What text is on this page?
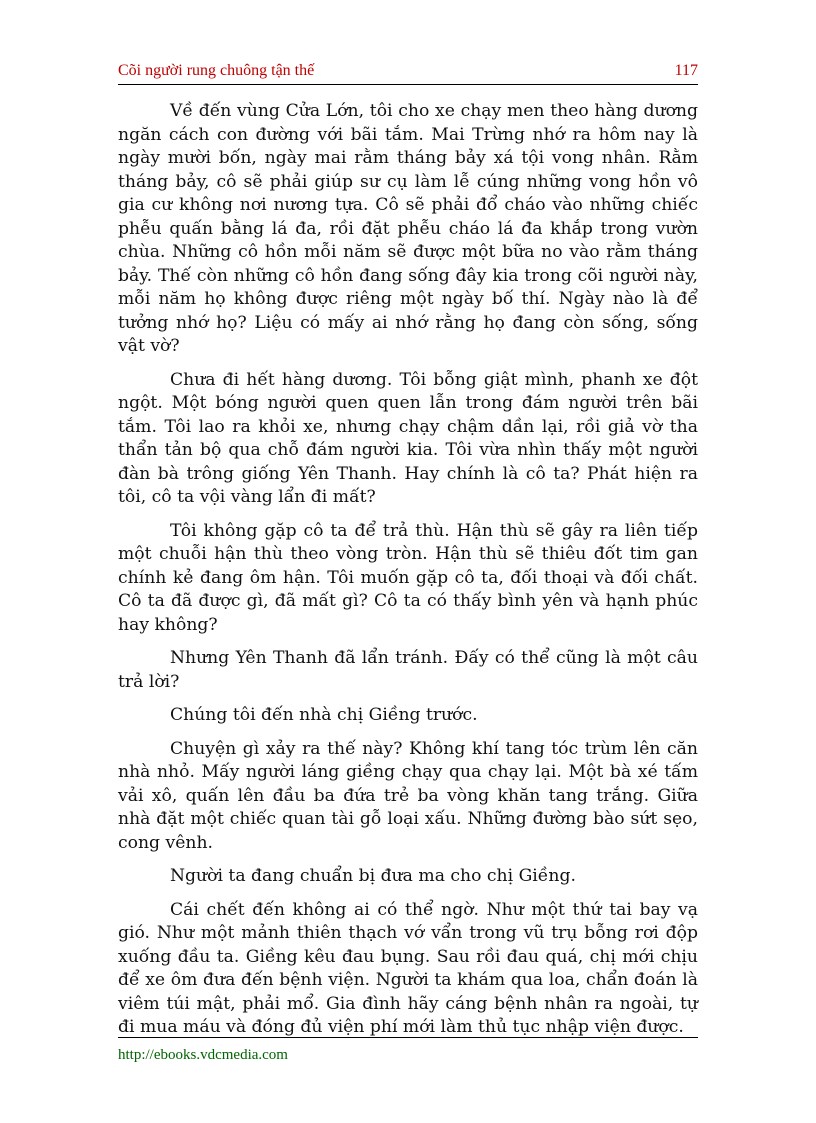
Cõi người rung chuông tận thế	117

Về đến vùng Cửa Lớn, tôi cho xe chạy men theo hàng dương ngăn cách con đường với bãi tắm. Mai Trừng nhớ ra hôm nay là ngày mười bốn, ngày mai rằm tháng bảy xá tội vong nhân. Rằm tháng bảy, cô sẽ phải giúp sư cụ làm lễ cúng những vong hồn vô gia cư không nơi nương tựa. Cô sẽ phải đổ cháo vào những chiếc phễu quấn bằng lá đa, rồi đặt phễu cháo lá đa khắp trong vườn chùa. Những cô hồn mỗi năm sẽ được một bữa no vào rằm tháng bảy. Thế còn những cô hồn đang sống đây kia trong cõi người này, mỗi năm họ không được riêng một ngày bố thí. Ngày nào là để tưởng nhớ họ? Liệu có mấy ai nhớ rằng họ đang còn sống, sống vật vờ?

Chưa đi hết hàng dương. Tôi bỗng giật mình, phanh xe đột ngột. Một bóng người quen quen lẫn trong đám người trên bãi tắm. Tôi lao ra khỏi xe, nhưng chạy chậm dần lại, rồi giả vờ tha thẩn tản bộ qua chỗ đám người kia. Tôi vừa nhìn thấy một người đàn bà trông giống Yên Thanh. Hay chính là cô ta? Phát hiện ra tôi, cô ta vội vàng lẩn đi mất?

Tôi không gặp cô ta để trả thù. Hận thù sẽ gây ra liên tiếp một chuỗi hận thù theo vòng tròn. Hận thù sẽ thiêu đốt tim gan chính kẻ đang ôm hận. Tôi muốn gặp cô ta, đối thoại và đối chất. Cô ta đã được gì, đã mất gì? Cô ta có thấy bình yên và hạnh phúc hay không?

Nhưng Yên Thanh đã lẩn tránh. Đấy có thể cũng là một câu trả lời?

Chúng tôi đến nhà chị Giềng trước.

Chuyện gì xảy ra thế này? Không khí tang tóc trùm lên căn nhà nhỏ. Mấy người láng giềng chạy qua chạy lại. Một bà xé tấm vải xô, quấn lên đầu ba đứa trẻ ba vòng khăn tang trắng. Giữa nhà đặt một chiếc quan tài gỗ loại xấu. Những đường bào sứt sẹo, cong vênh.

Người ta đang chuẩn bị đưa ma cho chị Giềng.

Cái chết đến không ai có thể ngờ. Như một thứ tai bay vạ gió. Như một mảnh thiên thạch vớ vẩn trong vũ trụ bỗng rơi độp xuống đầu ta. Giềng kêu đau bụng. Sau rồi đau quá, chị mới chịu để xe ôm đưa đến bệnh viện. Người ta khám qua loa, chẩn đoán là viêm túi mật, phải mổ. Gia đình hãy cáng bệnh nhân ra ngoài, tự đi mua máu và đóng đủ viện phí mới làm thủ tục nhập viện được.

http://ebooks.vdcmedia.com
